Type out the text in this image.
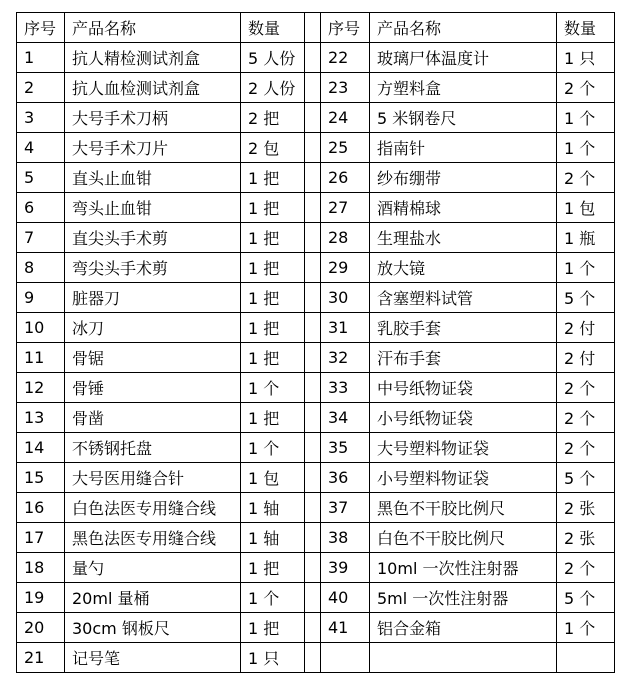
序号	产品名称	数量		序号	产品名称	数量
1	抗人精检测试剂盒	5 人份		22	玻璃尸体温度计	1 只
2	抗人血检测试剂盒	2 人份		23	方塑料盒	2 个
3	大号手术刀柄	2 把		24	5 米钢卷尺	1 个
4	大号手术刀片	2 包		25	指南针	1 个
5	直头止血钳	1 把		26	纱布绷带	2 个
6	弯头止血钳	1 把		27	酒精棉球	1 包
7	直尖头手术剪	1 把		28	生理盐水	1 瓶
8	弯尖头手术剪	1 把		29	放大镜	1 个
9	脏器刀	1 把		30	含塞塑料试管	5 个
10	冰刀	1 把		31	乳胶手套	2 付
11	骨锯	1 把		32	汗布手套	2 付
12	骨锤	1 个		33	中号纸物证袋	2 个
13	骨凿	1 把		34	小号纸物证袋	2 个
14	不锈钢托盘	1 个		35	大号塑料物证袋	2 个
15	大号医用缝合针	1 包		36	小号塑料物证袋	5 个
16	白色法医专用缝合线	1 轴		37	黑色不干胶比例尺	2 张
17	黑色法医专用缝合线	1 轴		38	白色不干胶比例尺	2 张
18	量勺	1 把		39	10ml 一次性注射器	2 个
19	20ml 量桶	1 个		40	5ml 一次性注射器	5 个
20	30cm 钢板尺	1 把		41	铝合金箱	1 个
21	记号笔	1 只				
